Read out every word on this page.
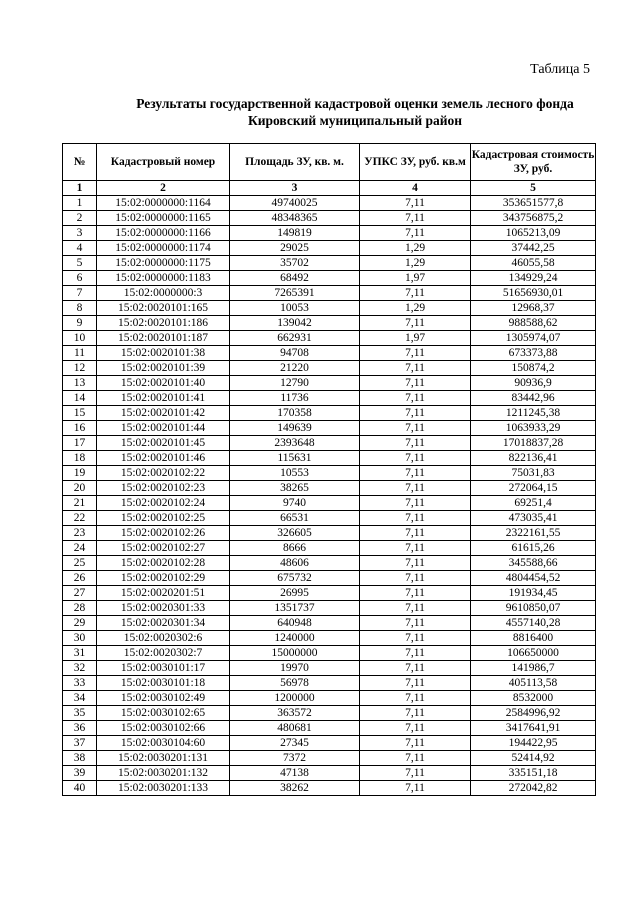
Таблица 5
Результаты государственной кадастровой оценки земель лесного фонда
Кировский муниципальный район
№	Кадастровый номер	Площадь ЗУ, кв. м.	УПКС ЗУ, руб. кв.м	Кадастровая стоимость ЗУ, руб.
1	2	3	4	5
1	15:02:0000000:1164	49740025	7,11	353651577,8
2	15:02:0000000:1165	48348365	7,11	343756875,2
3	15:02:0000000:1166	149819	7,11	1065213,09
4	15:02:0000000:1174	29025	1,29	37442,25
5	15:02:0000000:1175	35702	1,29	46055,58
6	15:02:0000000:1183	68492	1,97	134929,24
7	15:02:0000000:3	7265391	7,11	51656930,01
8	15:02:0020101:165	10053	1,29	12968,37
9	15:02:0020101:186	139042	7,11	988588,62
10	15:02:0020101:187	662931	1,97	1305974,07
11	15:02:0020101:38	94708	7,11	673373,88
12	15:02:0020101:39	21220	7,11	150874,2
13	15:02:0020101:40	12790	7,11	90936,9
14	15:02:0020101:41	11736	7,11	83442,96
15	15:02:0020101:42	170358	7,11	1211245,38
16	15:02:0020101:44	149639	7,11	1063933,29
17	15:02:0020101:45	2393648	7,11	17018837,28
18	15:02:0020101:46	115631	7,11	822136,41
19	15:02:0020102:22	10553	7,11	75031,83
20	15:02:0020102:23	38265	7,11	272064,15
21	15:02:0020102:24	9740	7,11	69251,4
22	15:02:0020102:25	66531	7,11	473035,41
23	15:02:0020102:26	326605	7,11	2322161,55
24	15:02:0020102:27	8666	7,11	61615,26
25	15:02:0020102:28	48606	7,11	345588,66
26	15:02:0020102:29	675732	7,11	4804454,52
27	15:02:0020201:51	26995	7,11	191934,45
28	15:02:0020301:33	1351737	7,11	9610850,07
29	15:02:0020301:34	640948	7,11	4557140,28
30	15:02:0020302:6	1240000	7,11	8816400
31	15:02:0020302:7	15000000	7,11	106650000
32	15:02:0030101:17	19970	7,11	141986,7
33	15:02:0030101:18	56978	7,11	405113,58
34	15:02:0030102:49	1200000	7,11	8532000
35	15:02:0030102:65	363572	7,11	2584996,92
36	15:02:0030102:66	480681	7,11	3417641,91
37	15:02:0030104:60	27345	7,11	194422,95
38	15:02:0030201:131	7372	7,11	52414,92
39	15:02:0030201:132	47138	7,11	335151,18
40	15:02:0030201:133	38262	7,11	272042,82
